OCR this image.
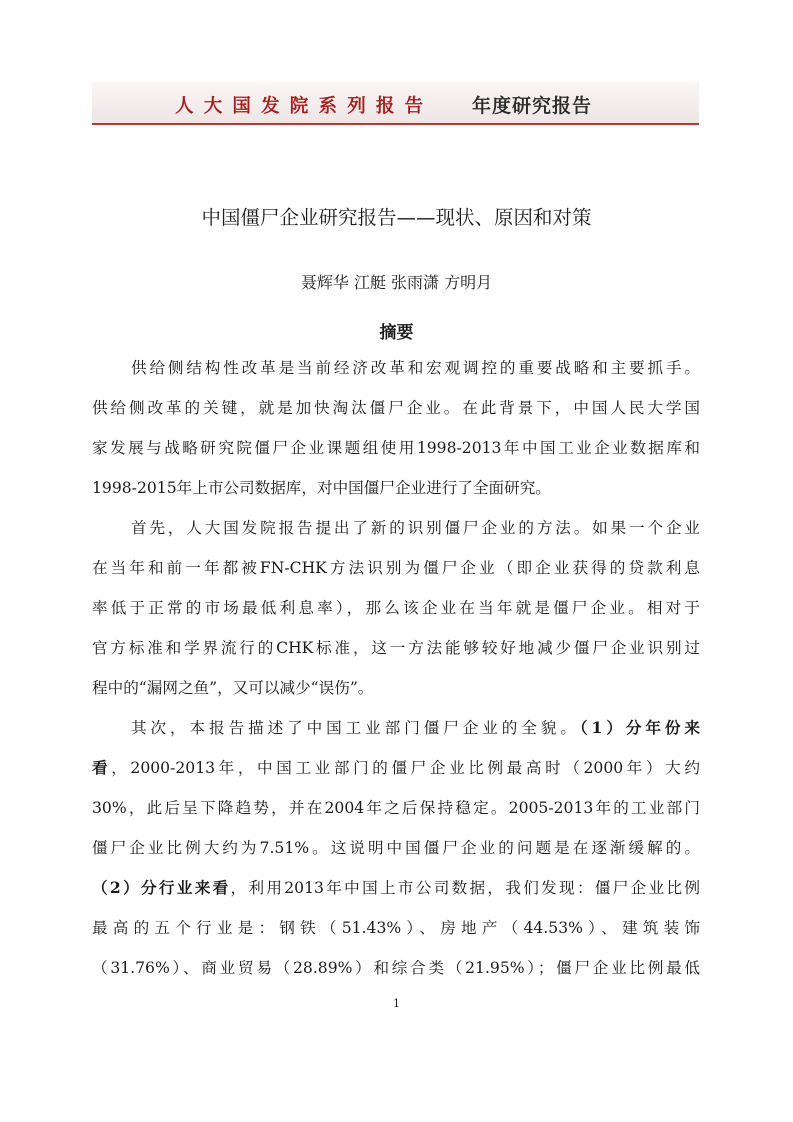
人大国发院系列报告 年度研究报告
中国僵尸企业研究报告——现状、原因和对策
聂辉华 江艇 张雨潇 方明月
摘要
供给侧结构性改革是当前经济改革和宏观调控的重要战略和主要抓手。
供给侧改革的关键，就是加快淘汰僵尸企业。在此背景下，中国人民大学国
家发展与战略研究院僵尸企业课题组使用1998-2013年中国工业企业数据库和
1998-2015年上市公司数据库，对中国僵尸企业进行了全面研究。
首先，人大国发院报告提出了新的识别僵尸企业的方法。如果一个企业
在当年和前一年都被FN-CHK方法识别为僵尸企业（即企业获得的贷款利息
率低于正常的市场最低利息率），那么该企业在当年就是僵尸企业。相对于
官方标准和学界流行的CHK标准，这一方法能够较好地减少僵尸企业识别过
程中的“漏网之鱼”，又可以减少“误伤”。
其次，本报告描述了中国工业部门僵尸企业的全貌。（1）分年份来
看，2000-2013年，中国工业部门的僵尸企业比例最高时（2000年）大约
30%，此后呈下降趋势，并在2004年之后保持稳定。2005-2013年的工业部门
僵尸企业比例大约为7.51%。这说明中国僵尸企业的问题是在逐渐缓解的。
（2）分行业来看，利用2013年中国上市公司数据，我们发现：僵尸企业比例
最高的五个行业是：钢铁（51.43%）、房地产（44.53%）、建筑装饰
（31.76%）、商业贸易（28.89%）和综合类（21.95%）；僵尸企业比例最低
1
